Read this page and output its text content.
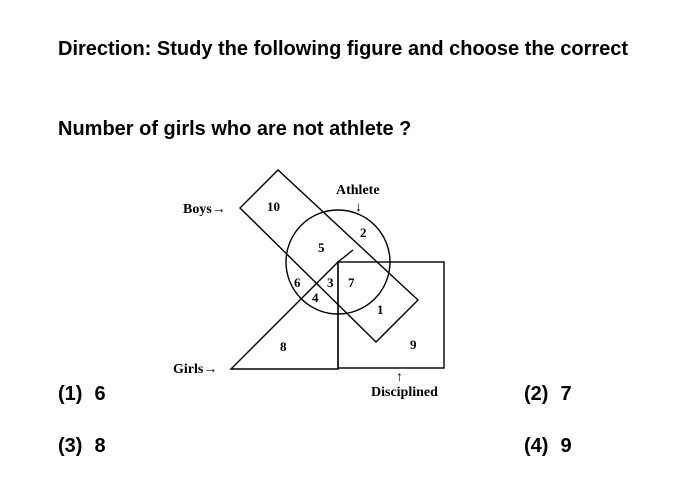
Direction: Study the following figure and choose the correct
Number of girls who are not athlete ?
Boys→
Girls→
Athlete
↓
↑
Disciplined
10
2
5
6 3
4
7
1
8	9
(1) 6	(2) 7
(3) 8	(4) 9
